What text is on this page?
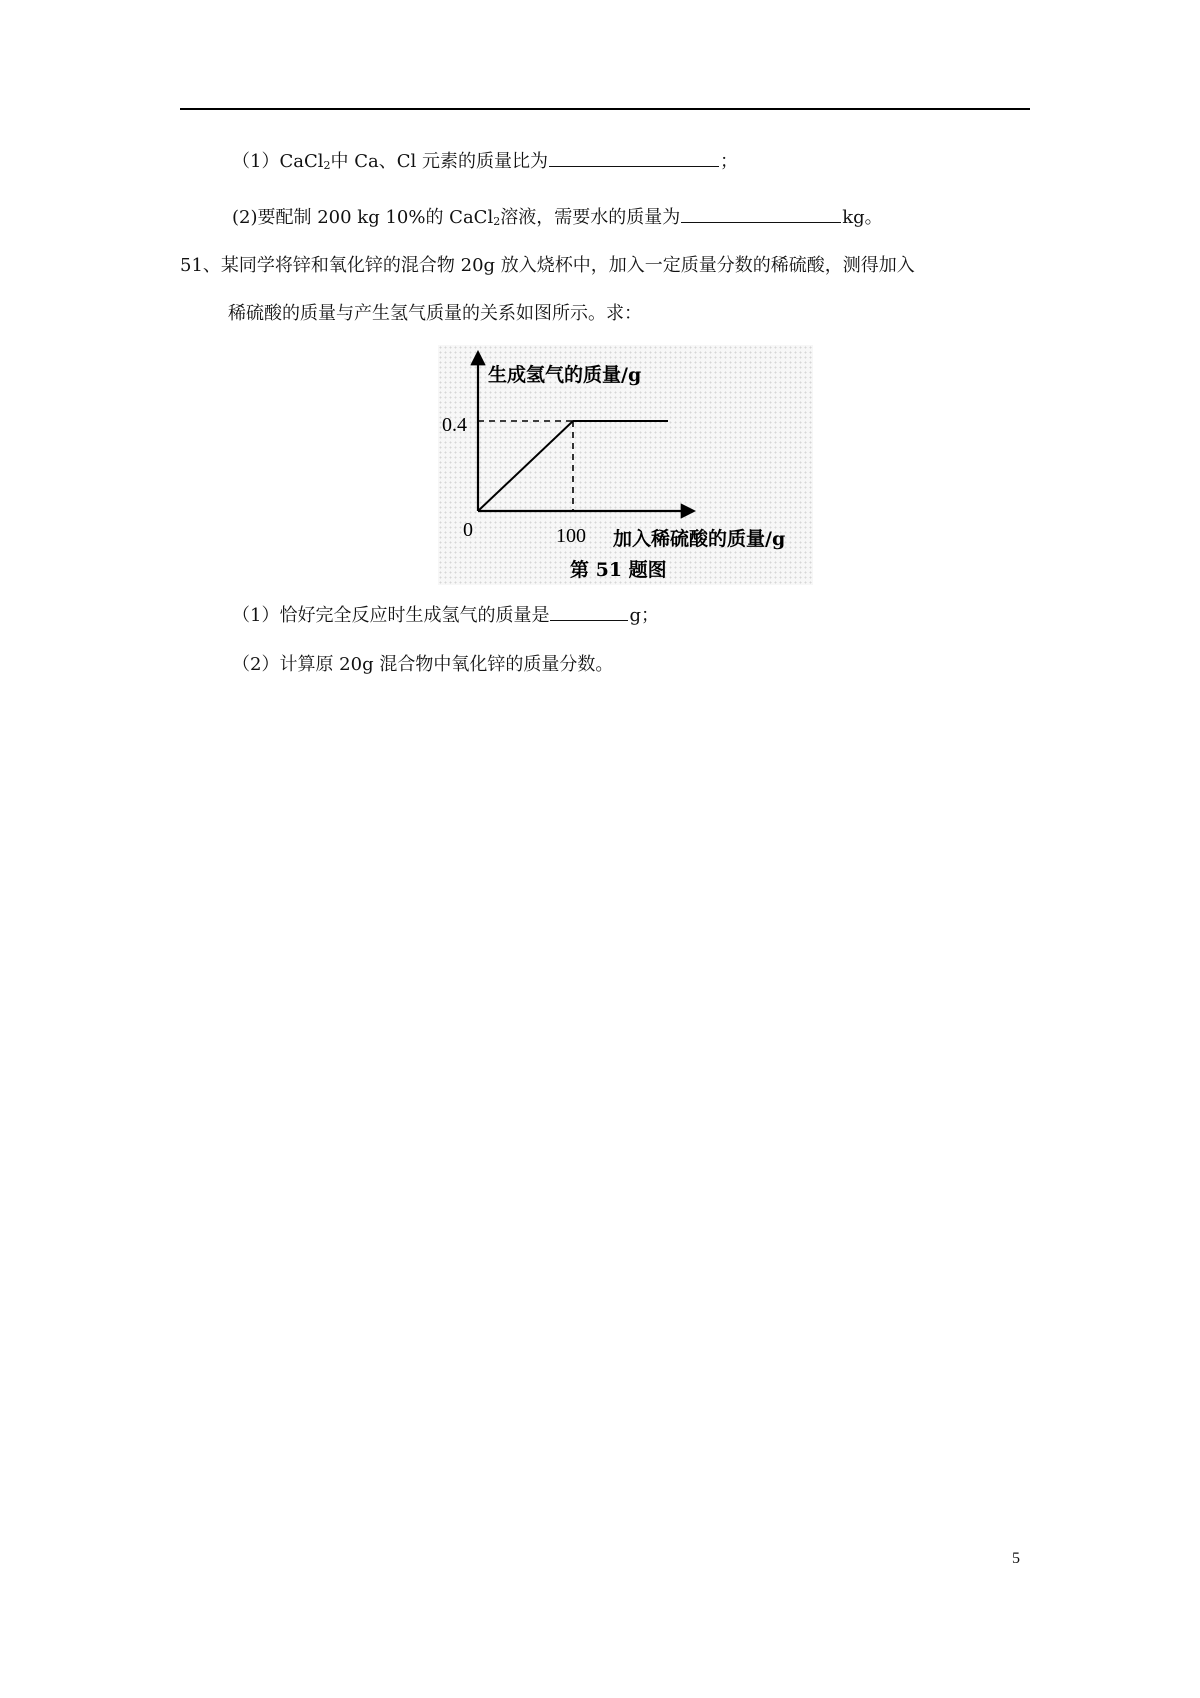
（1）CaCl$_2$中 Ca、Cl 元素的质量比为	；
(2)要配制 200 kg 10%的 CaCl$_2$溶液，需要水的质量为	kg。
51、某同学将锌和氧化锌的混合物 20g 放入烧杯中，加入一定质量分数的稀硫酸，测得加入
稀硫酸的质量与产生氢气质量的关系如图所示。求：
生成氢气的质量/g
0.4
0	100 加入稀硫酸的质量/g
第 51 题图
（1）恰好完全反应时生成氢气的质量是	g；
（2）计算原 20g 混合物中氧化锌的质量分数。
5
